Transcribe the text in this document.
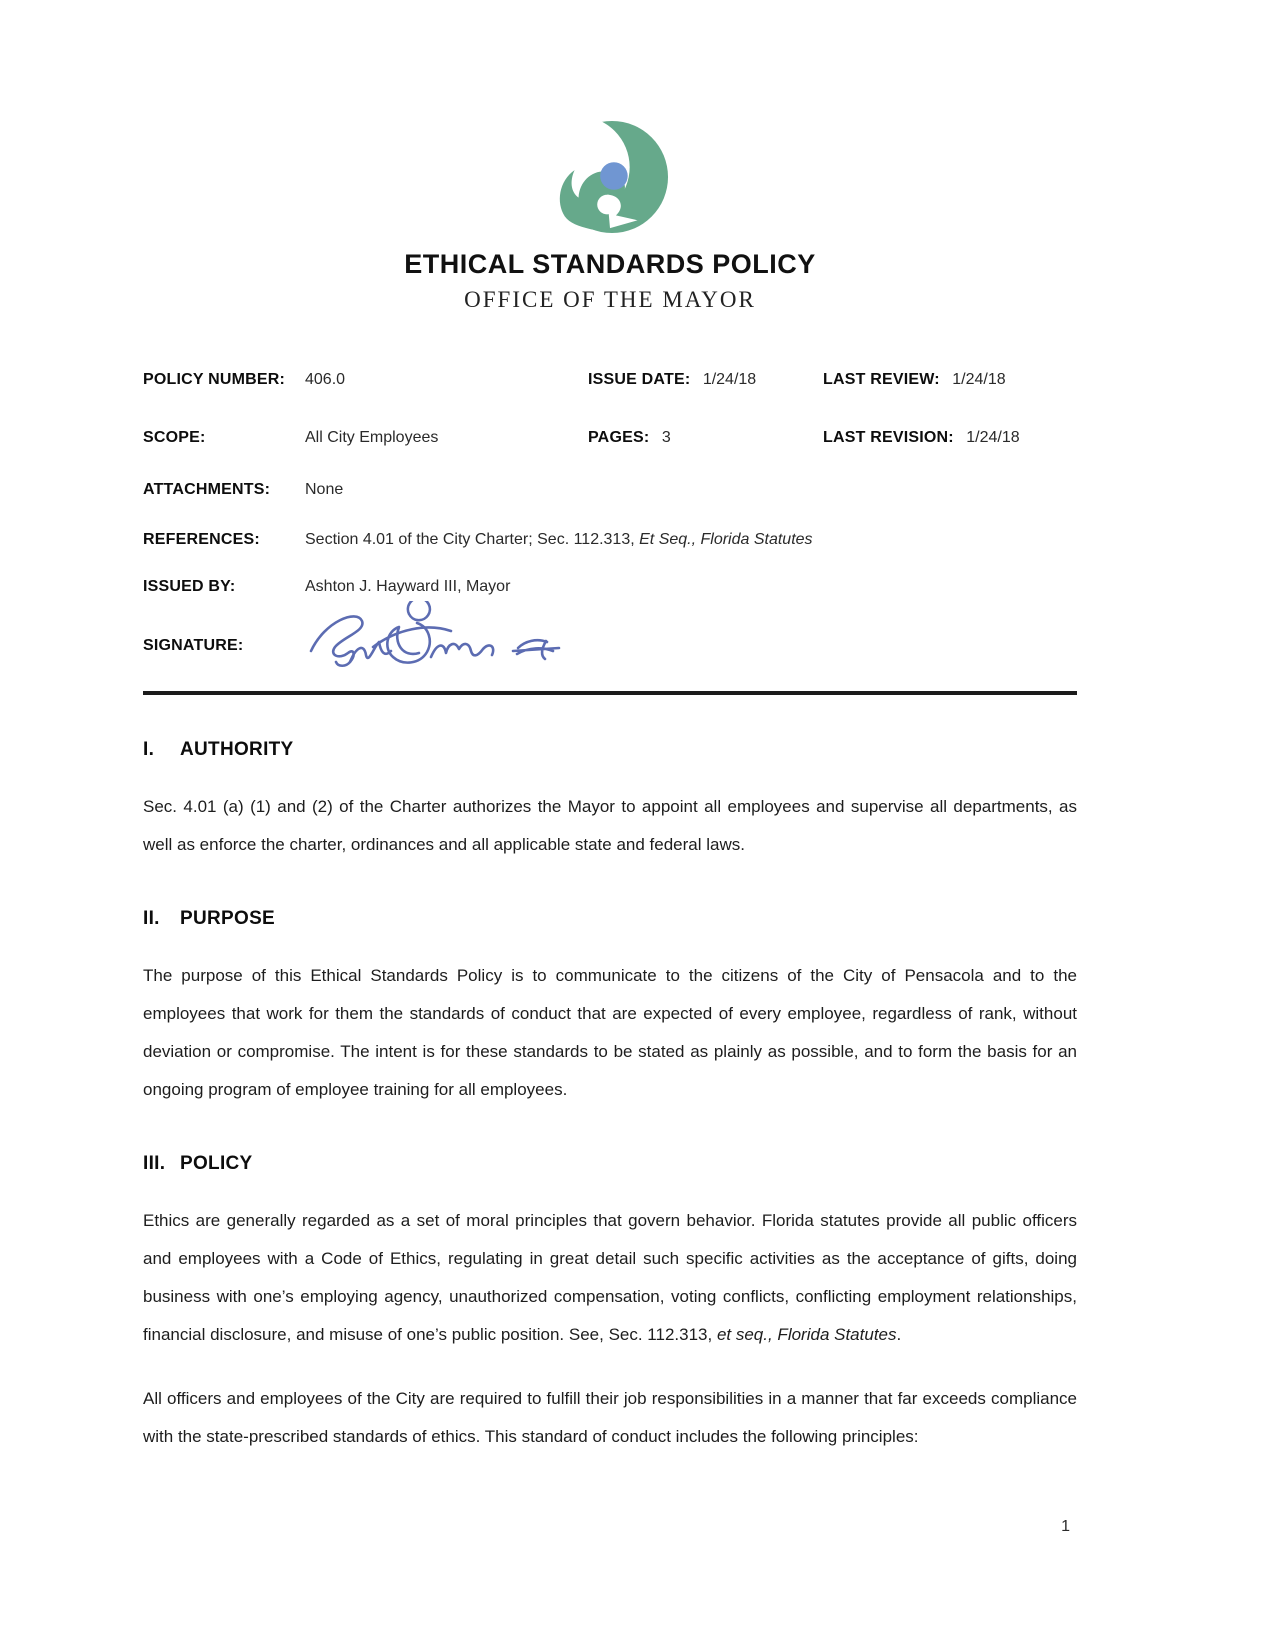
ETHICAL STANDARDS POLICY
OFFICE OF THE MAYOR
POLICY NUMBER:	406.0	ISSUE DATE: 1/24/18	LAST REVIEW: 1/24/18
SCOPE:	All City Employees	PAGES: 3	LAST REVISION: 1/24/18
ATTACHMENTS:	None
REFERENCES:	Section 4.01 of the City Charter; Sec. 112.313, Et Seq., Florida Statutes
ISSUED BY:	Ashton J. Hayward III, Mayor
SIGNATURE:
I.	AUTHORITY

Sec. 4.01 (a) (1) and (2) of the Charter authorizes the Mayor to appoint all employees and supervise all departments, as well as enforce the charter, ordinances and all applicable state and federal laws.

II.	PURPOSE

The purpose of this Ethical Standards Policy is to communicate to the citizens of the City of Pensacola and to the employees that work for them the standards of conduct that are expected of every employee, regardless of rank, without deviation or compromise. The intent is for these standards to be stated as plainly as possible, and to form the basis for an ongoing program of employee training for all employees.

III. POLICY

Ethics are generally regarded as a set of moral principles that govern behavior. Florida statutes provide all public officers and employees with a Code of Ethics, regulating in great detail such specific activities as the acceptance of gifts, doing business with one’s employing agency, unauthorized compensation, voting conflicts, conflicting employment relationships, financial disclosure, and misuse of one’s public position. See, Sec. 112.313, et seq., Florida Statutes.

All officers and employees of the City are required to fulfill their job responsibilities in a manner that far exceeds compliance with the state-prescribed standards of ethics. This standard of conduct includes the following principles:

1
